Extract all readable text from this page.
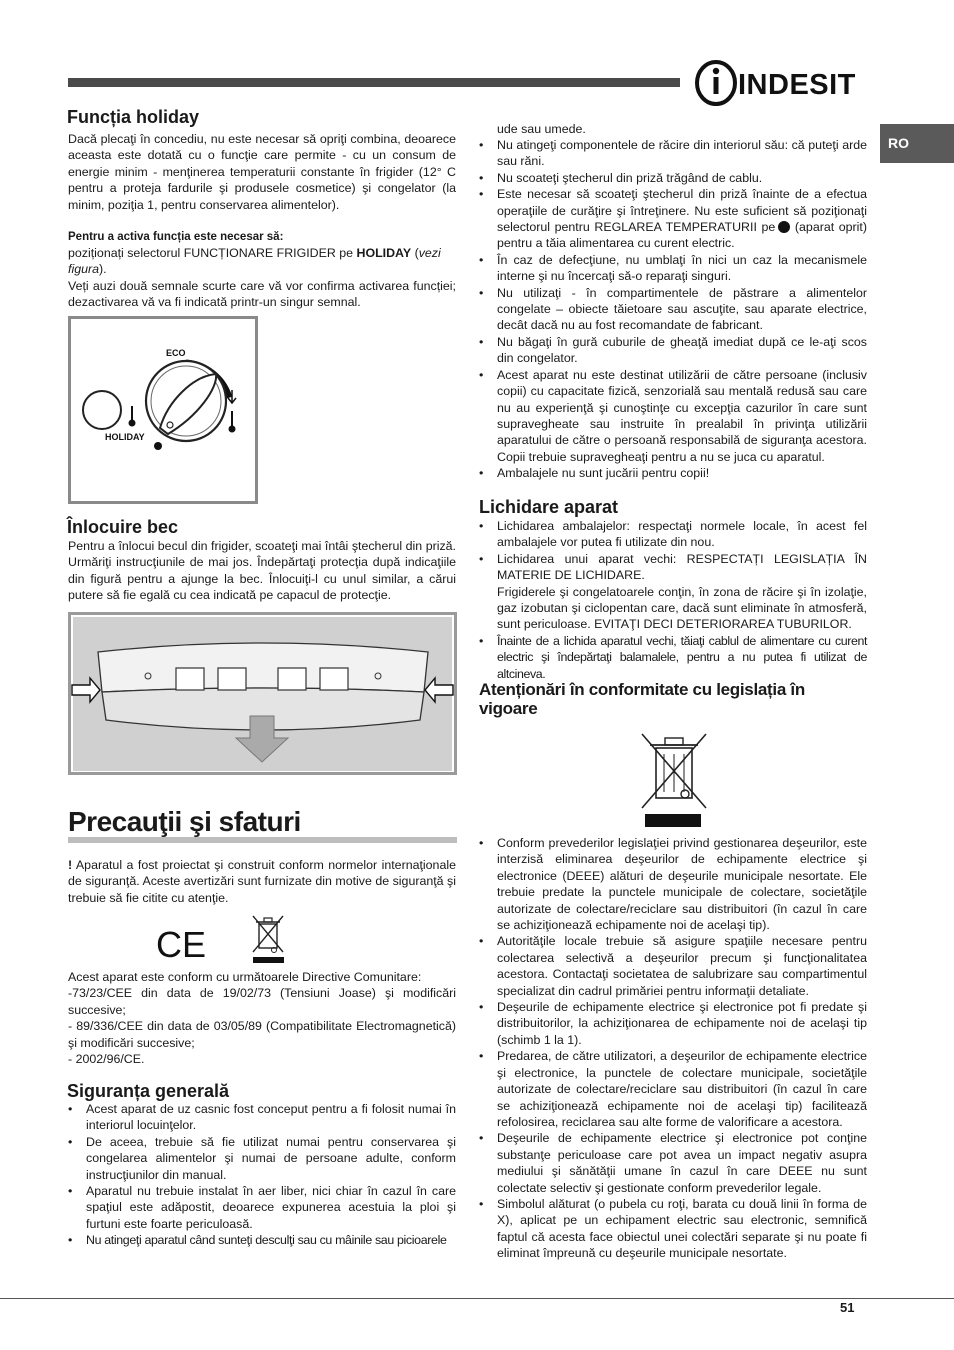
INDESIT
RO
Funcția holiday
Dacă plecaţi în concediu, nu este necesar să opriţi combina, deoarece aceasta este dotată cu o funcţie care permite - cu un consum de energie minim - menţinerea temperaturii constante în frigider (12° C pentru a proteja fardurile şi produsele cosmetice) şi congelator (la minim, poziţia 1, pentru conservarea alimentelor).
Pentru a activa funcția este necesar să:
poziționați selectorul FUNCȚIONARE FRIGIDER pe HOLIDAY (vezi figura).
Veți auzi două semnale scurte care vă vor confirma activarea funcției; dezactivarea vă va fi indicată printr-un singur semnal.
ECO
HOLIDAY
Înlocuire bec
Pentru a înlocui becul din frigider, scoateţi mai întâi ştecherul din priză. Urmăriţi instrucţiunile de mai jos. Îndepărtaţi protecţia după indicaţiile din figură pentru a ajunge la bec. Înlocuiţi-l cu unul similar, a cărui putere să fie egală cu cea indicată pe capacul de protecţie.
Precauţii şi sfaturi
! Aparatul a fost proiectat şi construit conform normelor internaţionale de siguranţă. Aceste avertizări sunt furnizate din motive de siguranţă şi trebuie să fie citite cu atenţie.
CE

Acest aparat este conform cu următoarele Directive Comunitare:

-73/23/CEE din data de 19/02/73 (Tensiuni Joase) şi modificări succesive;

- 89/336/CEE din data de 03/05/89 (Compatibilitate Electromagnetică) şi modificări succesive;

- 2002/96/CE.

Siguranța generală
• Acest aparat de uz casnic fost conceput pentru a fi folosit numai în interiorul locuinţelor.
• De aceea, trebuie să fie utilizat numai pentru conservarea şi congelarea alimentelor şi numai de persoane adulte, conform instrucţiunilor din manual.
• Aparatul nu trebuie instalat în aer liber, nici chiar în cazul în care spaţiul este adăpostit, deoarece expunerea acestuia la ploi şi furtuni este foarte periculoasă.
• Nu atingeţi aparatul când sunteţi desculţi sau cu mâinile sau picioarele
ude sau umede.
• Nu atingeţi componentele de răcire din interiorul său: că puteţi arde sau răni.
• Nu scoateţi ştecherul din priză trăgând de cablu.
• Este necesar să scoateţi ştecherul din priză înainte de a efectua operaţiile de curăţire şi întreţinere. Nu este suficient să poziţionaţi selectorul pentru REGLAREA TEMPERATURII pe (aparat oprit) pentru a tăia alimentarea cu curent electric.
• În caz de defecţiune, nu umblaţi în nici un caz la mecanismele interne şi nu încercaţi să-o reparaţi singuri.
• Nu utilizaţi - în compartimentele de păstrare a alimentelor congelate – obiecte tăietoare sau ascuţite, sau aparate electrice, decât dacă nu au fost recomandate de fabricant.
• Nu băgaţi în gură cuburile de gheaţă imediat după ce le-aţi scos din congelator.
• Acest aparat nu este destinat utilizării de către persoane (inclusiv copii) cu capacitate fizică, senzorială sau mentală redusă sau care nu au experienţă şi cunoştinţe cu excepţia cazurilor în care sunt supravegheate sau instruite în prealabil în privinţa utilizării aparatului de către o persoană responsabilă de siguranţa acestora. Copii trebuie supravegheaţi pentru a nu se juca cu aparatul.
• Ambalajele nu sunt jucării pentru copii!
Lichidare aparat
• Lichidarea ambalajelor: respectaţi normele locale, în acest fel ambalajele vor putea fi utilizate din nou.
• Lichidarea unui aparat vechi: RESPECTAȚI LEGISLAȚIA ÎN MATERIE DE LICHIDARE.
Frigiderele şi congelatoarele conţin, în zona de răcire şi în izolaţie, gaz izobutan şi ciclopentan care, dacă sunt eliminate în atmosferă, sunt periculoase. EVITAŢI DECI DETERIORAREA TUBURILOR.
• Înainte de a lichida aparatul vechi, tăiaţi cablul de alimentare cu curent electric şi îndepărtaţi balamalele, pentru a nu putea fi utilizat de altcineva.
Atenționări în conformitate cu legislația în vigoare
• Conform prevederilor legislaţiei privind gestionarea deşeurilor, este interzisă eliminarea deşeurilor de echipamente electrice şi electronice (DEEE) alături de deşeurile municipale nesortate. Ele trebuie predate la punctele municipale de colectare, societăţile autorizate de colectare/reciclare sau distribuitori (în cazul în care se achiziţionează echipamente noi de acelaşi tip).
• Autorităţile locale trebuie să asigure spaţiile necesare pentru colectarea selectivă a deşeurilor precum şi funcţionalitatea acestora. Contactaţi societatea de salubrizare sau compartimentul specializat din cadrul primăriei pentru informaţii detaliate.
• Deşeurile de echipamente electrice şi electronice pot fi predate şi distribuitorilor, la achiziţionarea de echipamente noi de acelaşi tip (schimb 1 la 1).
• Predarea, de către utilizatori, a deşeurilor de echipamente electrice şi electronice, la punctele de colectare municipale, societăţile autorizate de colectare/reciclare sau distribuitori (în cazul în care se achiziţionează echipamente noi de acelaşi tip) facilitează refolosirea, reciclarea sau alte forme de valorificare a acestora.
• Deşeurile de echipamente electrice şi electronice pot conţine substanţe periculoase care pot avea un impact negativ asupra mediului şi sănătăţii umane în cazul în care DEEE nu sunt colectate selectiv şi gestionate conform prevederilor legale.
• Simbolul alăturat (o pubela cu roţi, barata cu două linii în forma de X), aplicat pe un echipament electric sau electronic, semnifică faptul că acesta face obiectul unei colectări separate şi nu poate fi eliminat împreună cu deşeurile municipale nesortate.
51
